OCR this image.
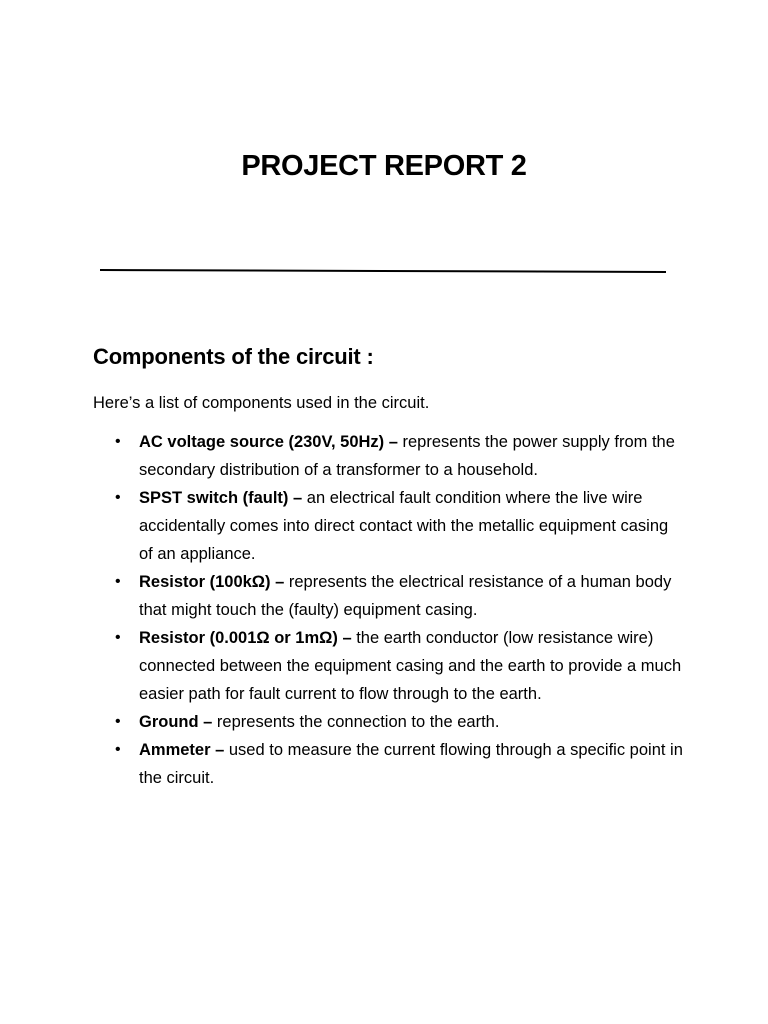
PROJECT REPORT 2
Components of the circuit :

Here’s a list of components used in the circuit.

• AC voltage source (230V, 50Hz) – represents the power supply from the secondary distribution of a transformer to a household.
• SPST switch (fault) – an electrical fault condition where the live wire accidentally comes into direct contact with the metallic equipment casing of an appliance.
• Resistor (100kΩ) – represents the electrical resistance of a human body that might touch the (faulty) equipment casing.
• Resistor (0.001Ω or 1mΩ) – the earth conductor (low resistance wire) connected between the equipment casing and the earth to provide a much easier path for fault current to flow through to the earth.
• Ground – represents the connection to the earth.
• Ammeter – used to measure the current flowing through a specific point in the circuit.
